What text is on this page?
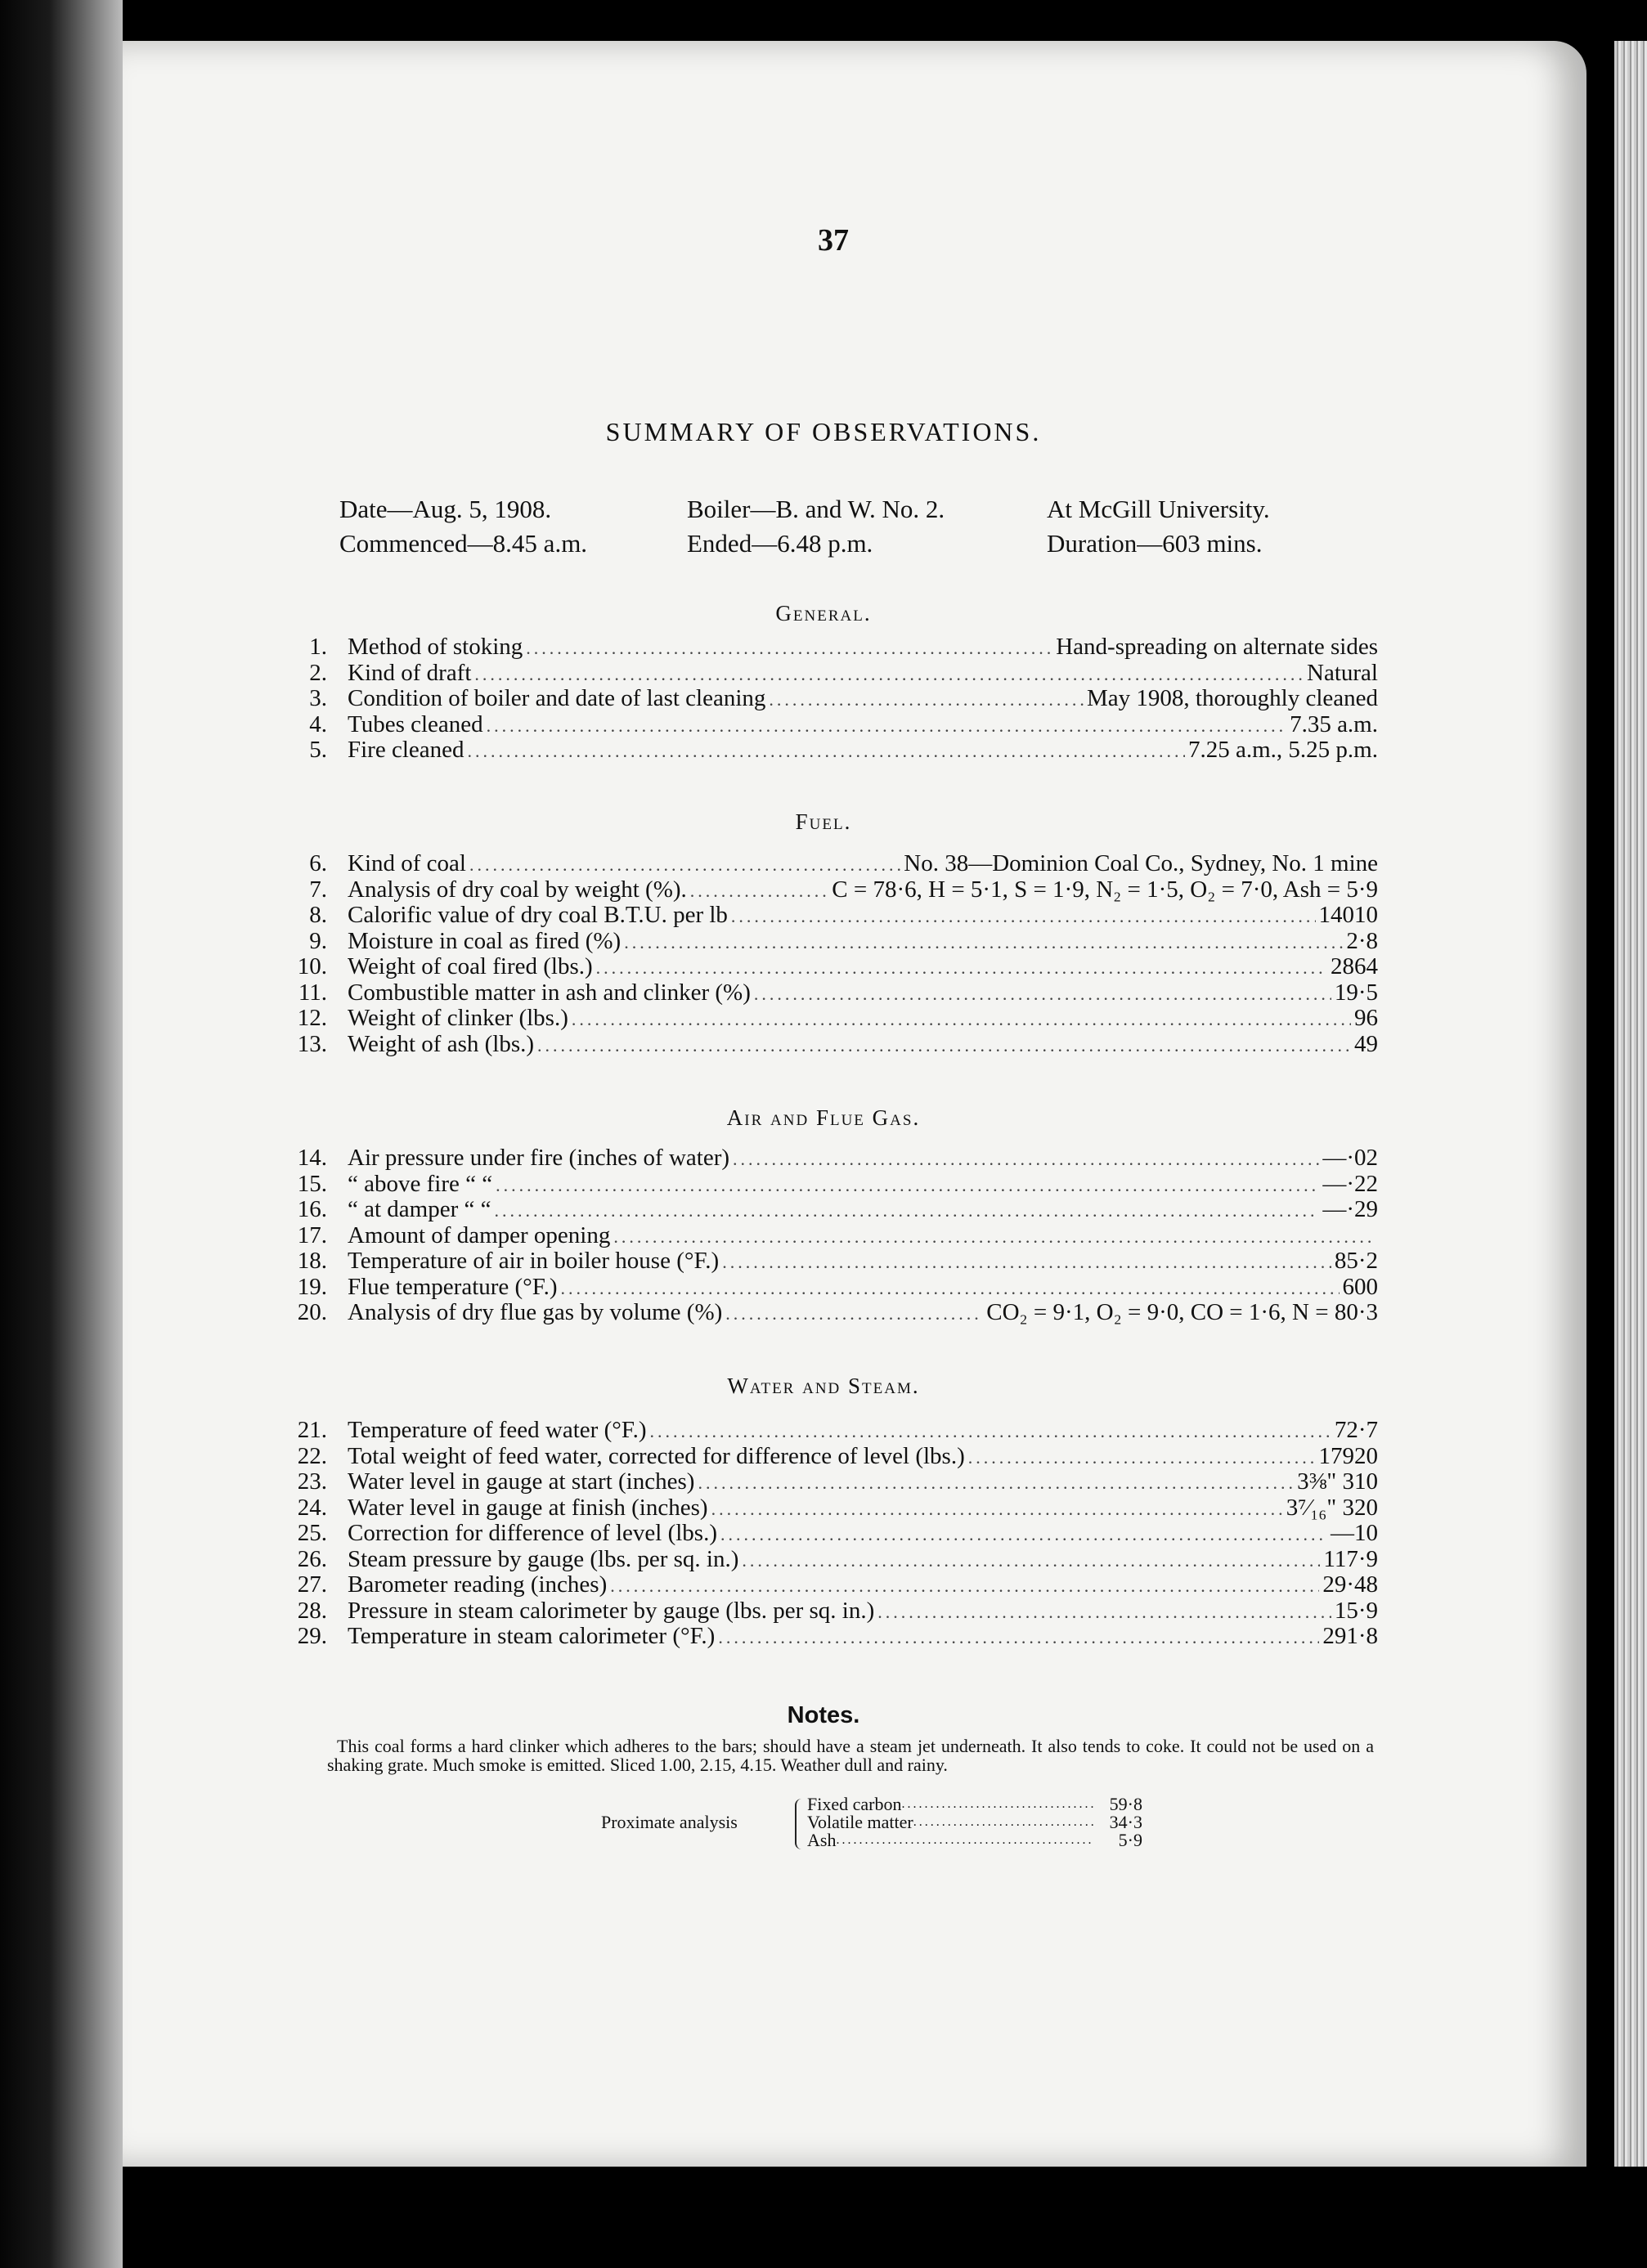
37
SUMMARY OF OBSERVATIONS.
Date—Aug. 5, 1908.	Boiler—B. and W. No. 2.	At McGill University.
Commenced—8.45 a.m.	Ended—6.48 p.m.	Duration—603 mins.
General.
1. Method of stoking .....	Hand-spreading on alternate sides
2. Kind of draft .....	Natural
3. Condition of boiler and date of last cleaning .....	May 1908, thoroughly cleaned
4. Tubes cleaned .....	7.35 a.m.
5. Fire cleaned .....	7.25 a.m., 5.25 p.m.
Fuel.
6. Kind of coal .....	No. 38—Dominion Coal Co., Sydney, No. 1 mine
7. Analysis of dry coal by weight (%). .....	C = 78·6, H = 5·1, S = 1·9, N₂ = 1·5, O₂ = 7·0, Ash = 5·9
8. Calorific value of dry coal B.T.U. per lb .....	14010
9. Moisture in coal as fired (%) .....	2·8
10. Weight of coal fired (lbs.) .....	2864
11. Combustible matter in ash and clinker (%) .....	19·5
12. Weight of clinker (lbs.) .....	96
13. Weight of ash (lbs.) .....	49
Air and Flue Gas.
14. Air pressure under fire (inches of water) .....	—·02
15. “ above fire “ “ .....	—·22
16. “ at damper “ “ .....	—·29
17. Amount of damper opening
.....
18. Temperature of air in boiler house (°F.) .....	85·2
19. Flue temperature (°F.) .....	600
20. Analysis of dry flue gas by volume (%) .....	CO₂ = 9·1, O₂ = 9·0, CO = 1·6, N = 80·3
Water and Steam.
21. Temperature of feed water (°F.) .....	72·7
22. Total weight of feed water, corrected for difference of level (lbs.) .....	17920
23. Water level in gauge at start (inches) .....	3⅜" 310
24. Water level in gauge at finish (inches) .....	3⁷⁄₁₆" 320
25. Correction for difference of level (lbs.) .....	—10
26. Steam pressure by gauge (lbs. per sq. in.) .....	117·9
27. Barometer reading (inches) .....	29·48
28. Pressure in steam calorimeter by gauge (lbs. per sq. in.) .....	15·9
29. Temperature in steam calorimeter (°F.) .....	291·8
Notes.
This coal forms a hard clinker which adheres to the bars; should have a steam jet underneath. It also tends to coke. It could not be used on a shaking grate. Much smoke is emitted. Sliced 1.00, 2.15, 4.15. Weather dull and rainy.
Proximate analysis
Fixed carbon .....	59·8
Volatile matter .....	34·3
Ash .....	5·9
